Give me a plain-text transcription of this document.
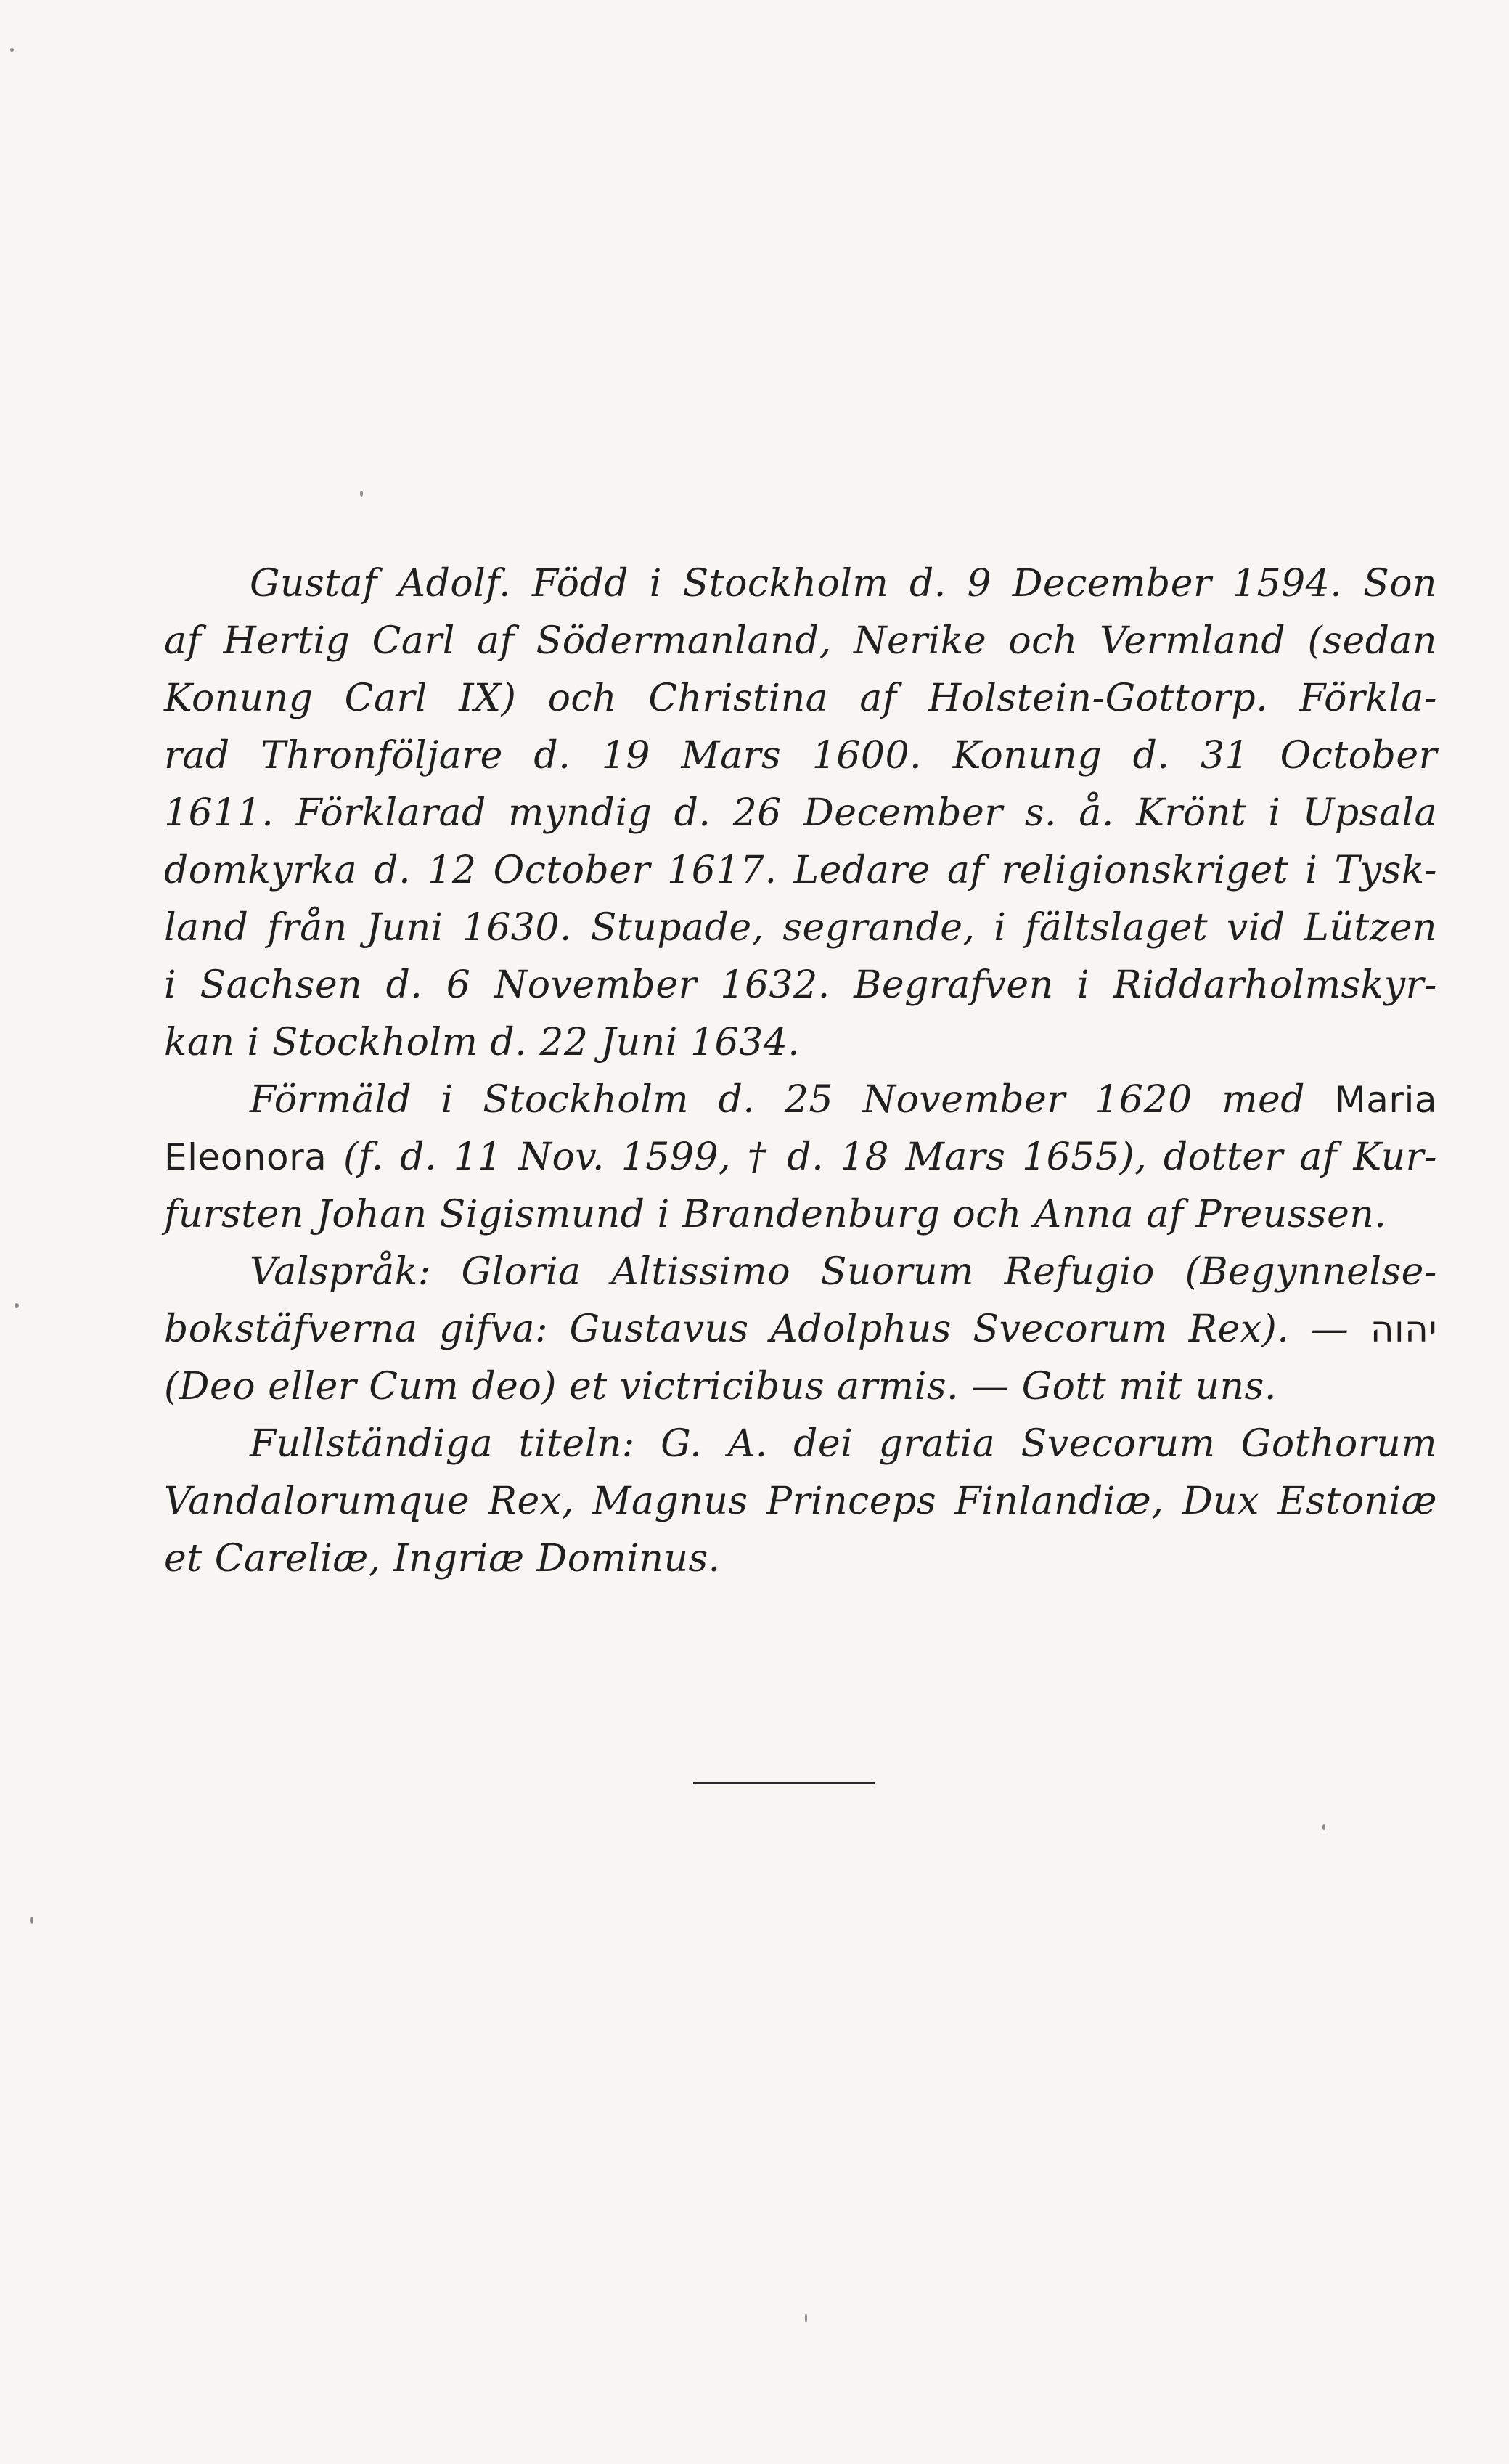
Gustaf Adolf. Född i Stockholm d. 9 December 1594. Son
af Hertig Carl af Södermanland, Nerike och Vermland (sedan
Konung Carl IX) och Christina af Holstein-Gottorp. Förkla-
rad Thronföljare d. 19 Mars 1600. Konung d. 31 October
1611. Förklarad myndig d. 26 December s. å. Krönt i Upsala
domkyrka d. 12 October 1617. Ledare af religionskriget i Tysk-
land från Juni 1630. Stupade, segrande, i fältslaget vid Lützen
i Sachsen d. 6 November 1632. Begrafven i Riddarholmskyr-
kan i Stockholm d. 22 Juni 1634.
Förmäld i Stockholm d. 25 November 1620 med Maria
Eleonora (f. d. 11 Nov. 1599, † d. 18 Mars 1655), dotter af Kur-
fursten Johan Sigismund i Brandenburg och Anna af Preussen.
Valspråk: Gloria Altissimo Suorum Refugio (Begynnelse-
bokstäfverna gifva: Gustavus Adolphus Svecorum Rex). — יהוה
(Deo eller Cum deo) et victricibus armis. — Gott mit uns.
Fullständiga titeln: G. A. dei gratia Svecorum Gothorum
Vandalorumque Rex, Magnus Princeps Finlandiæ, Dux Estoniæ
et Careliæ, Ingriæ Dominus.
